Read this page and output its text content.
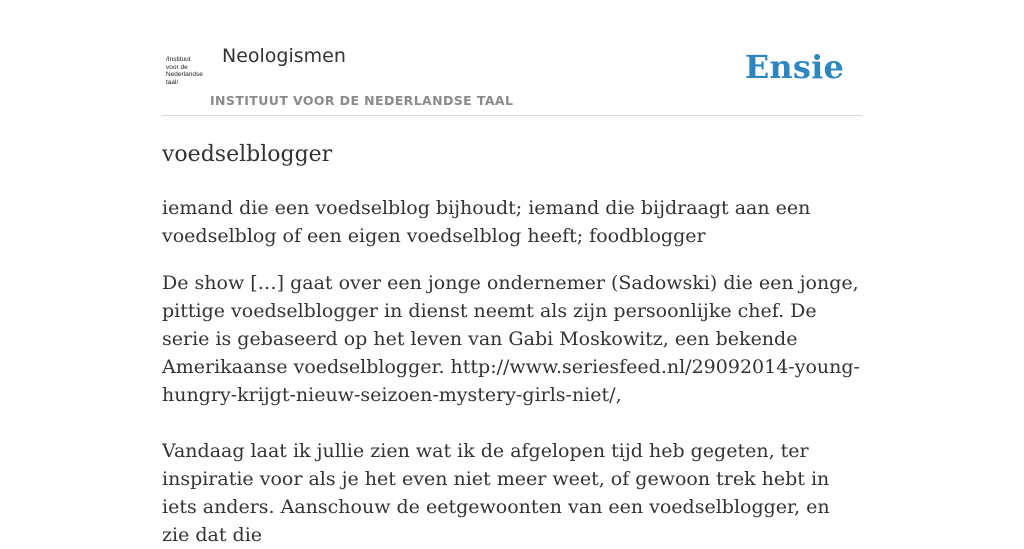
/Instituut
voor de
Nederlandse
taal/
Neologismen
INSTITUUT VOOR DE NEDERLANDSE TAAL
Ensie
voedselblogger

iemand die een voedselblog bijhoudt; iemand die bijdraagt aan een voedselblog of een eigen voedselblog heeft; foodblogger

De show […] gaat over een jonge ondernemer (Sadowski) die een jonge, pittige voedselblogger in dienst neemt als zijn persoonlijke chef. De serie is gebaseerd op het leven van Gabi Moskowitz, een bekende Amerikaanse voedselblogger. http://www.seriesfeed.nl/29092014-young-hungry-krijgt-nieuw-seizoen-mystery-girls-niet/,

Vandaag laat ik jullie zien wat ik de afgelopen tijd heb gegeten, ter inspiratie voor als je het even niet meer weet, of gewoon trek hebt in iets anders. Aanschouw de eetgewoonten van een voedselblogger, en zie dat die
